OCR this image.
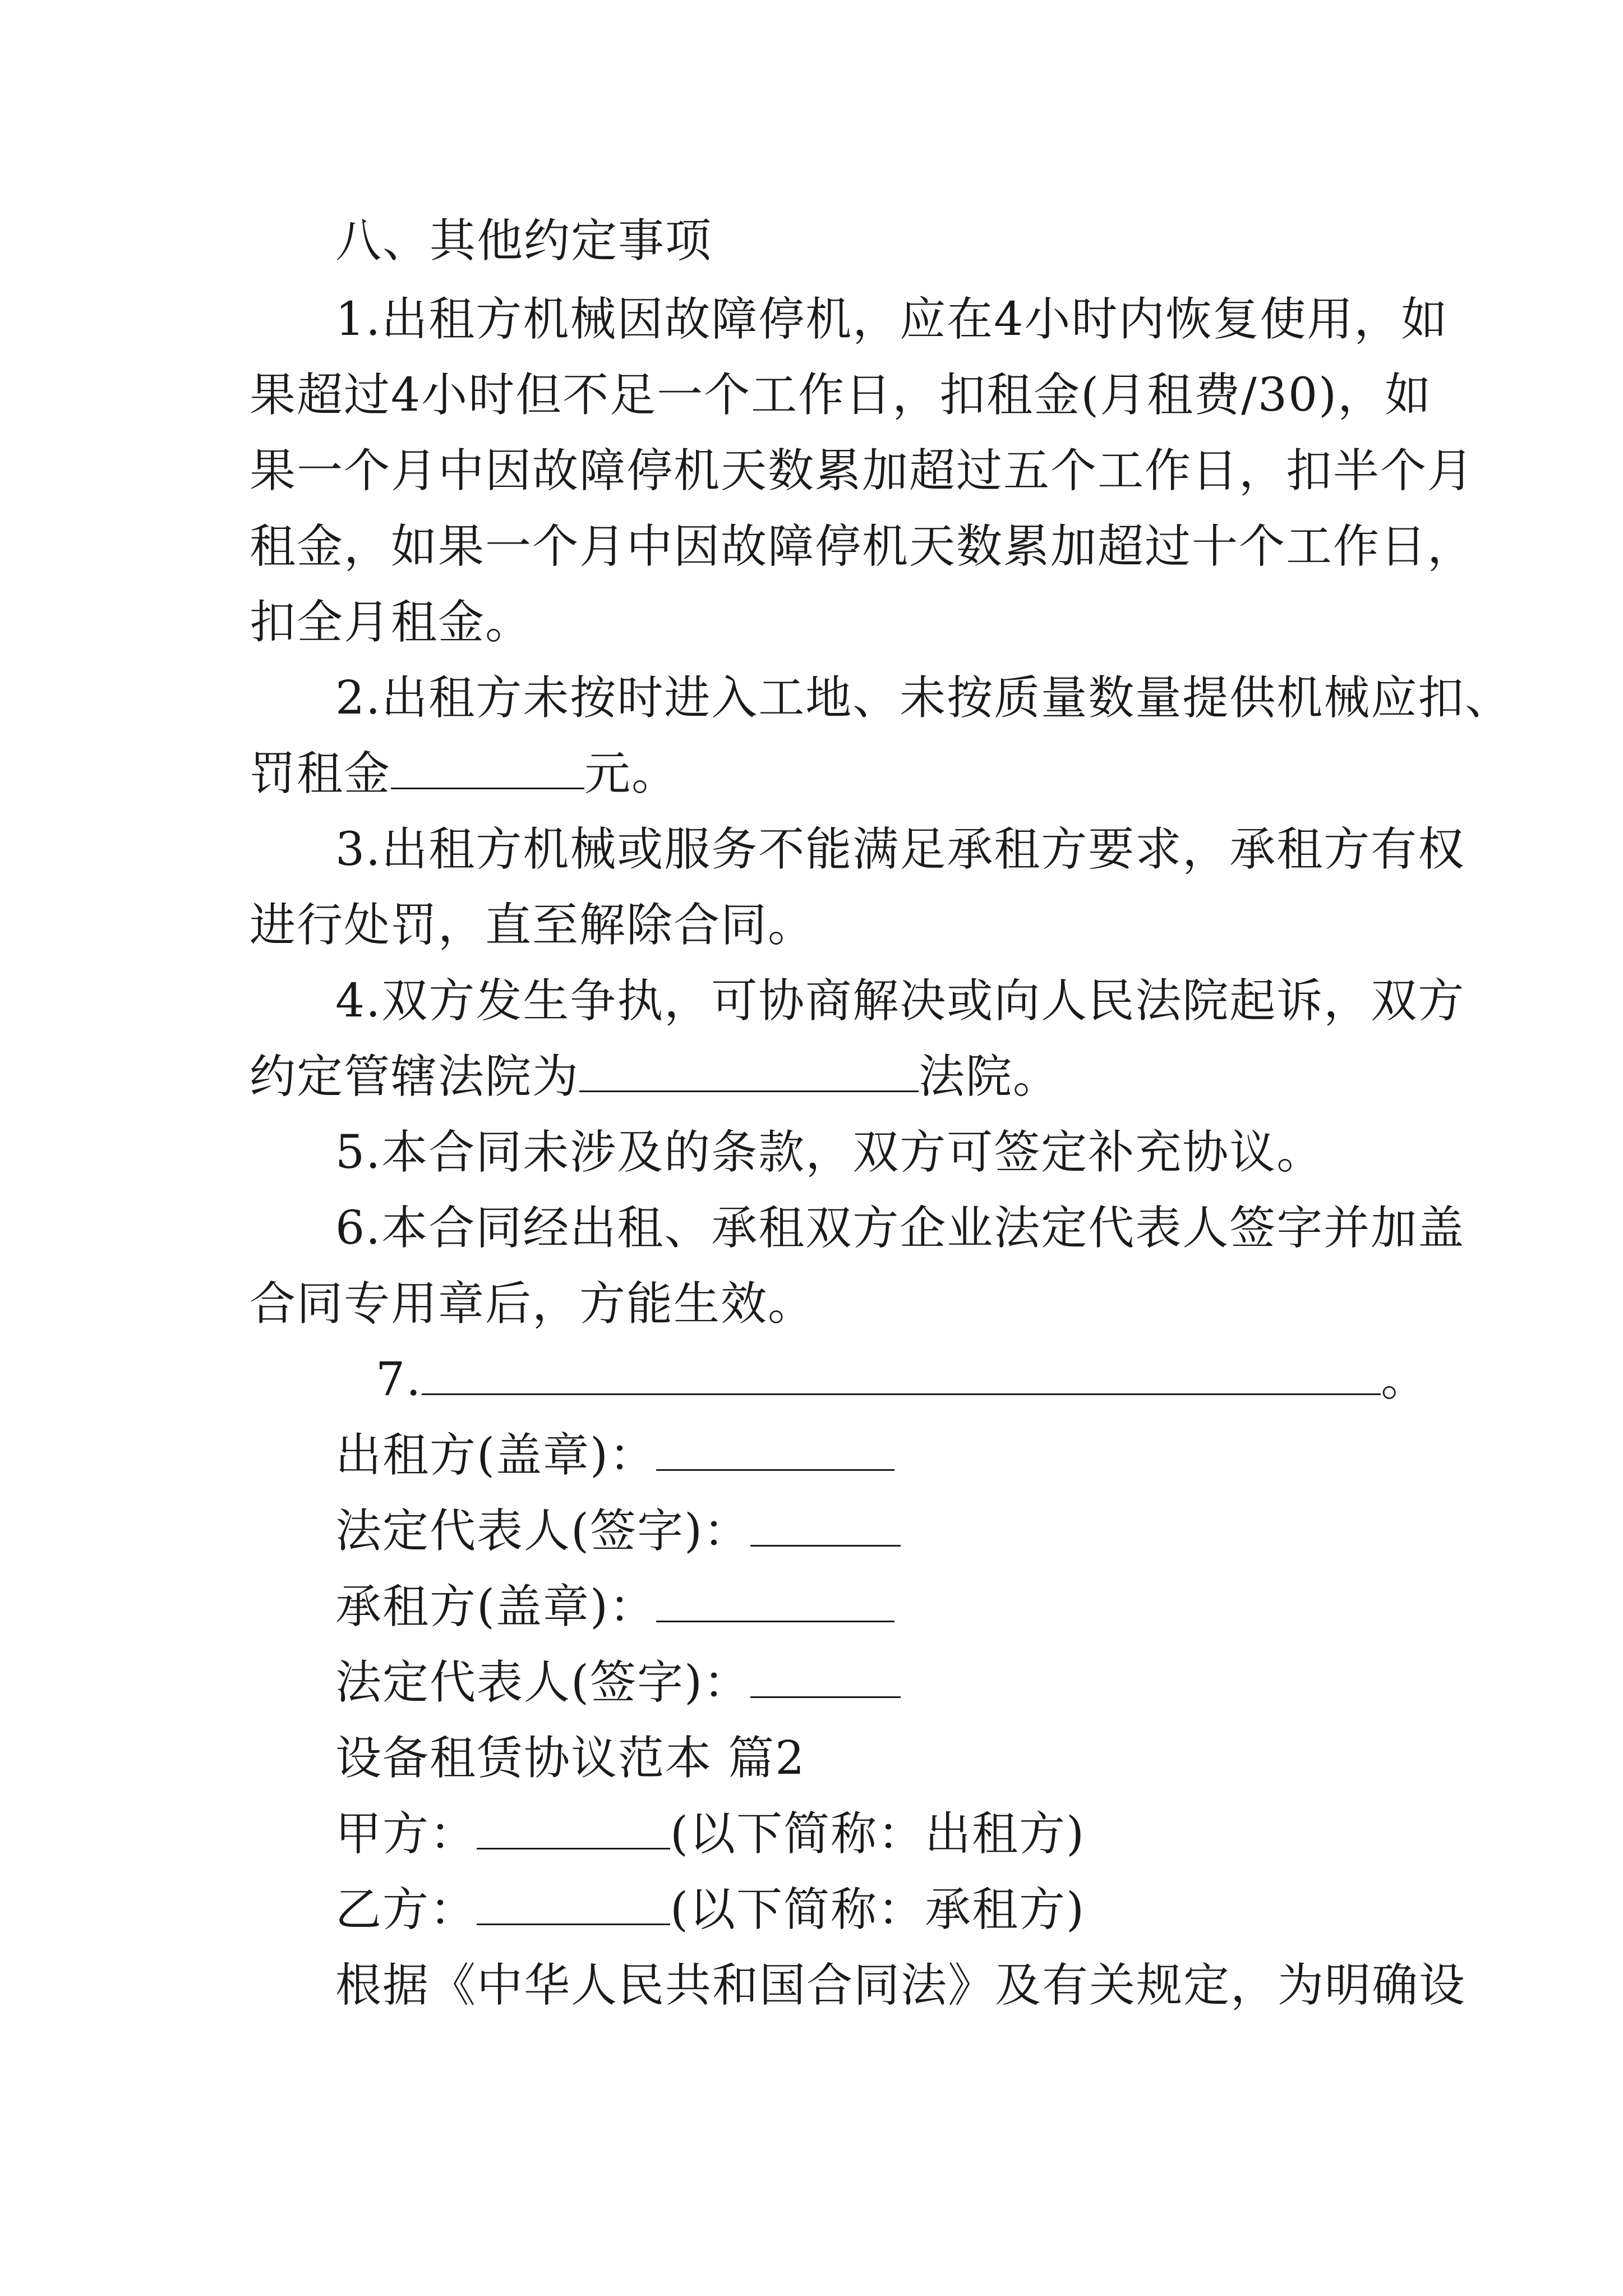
八、其他约定事项
1.出租方机械因故障停机，应在4小时内恢复使用，如
果超过4小时但不足一个工作日，扣租金(月租费/30)，如
果一个月中因故障停机天数累加超过五个工作日，扣半个月
租金，如果一个月中因故障停机天数累加超过十个工作日，
扣全月租金。
2.出租方未按时进入工地、未按质量数量提供机械应扣、
罚租金	元。
3.出租方机械或服务不能满足承租方要求，承租方有权
进行处罚，直至解除合同。
4.双方发生争执，可协商解决或向人民法院起诉，双方
约定管辖法院为	法院。
5.本合同未涉及的条款，双方可签定补充协议。
6.本合同经出租、承租双方企业法定代表人签字并加盖
合同专用章后，方能生效。
7.	。
出租方(盖章)：
法定代表人(签字)：
承租方(盖章)：
法定代表人(签字)：
设备租赁协议范本 篇2
甲方：	(以下简称：出租方)
乙方：	(以下简称：承租方)
根据《中华人民共和国合同法》及有关规定，为明确设
